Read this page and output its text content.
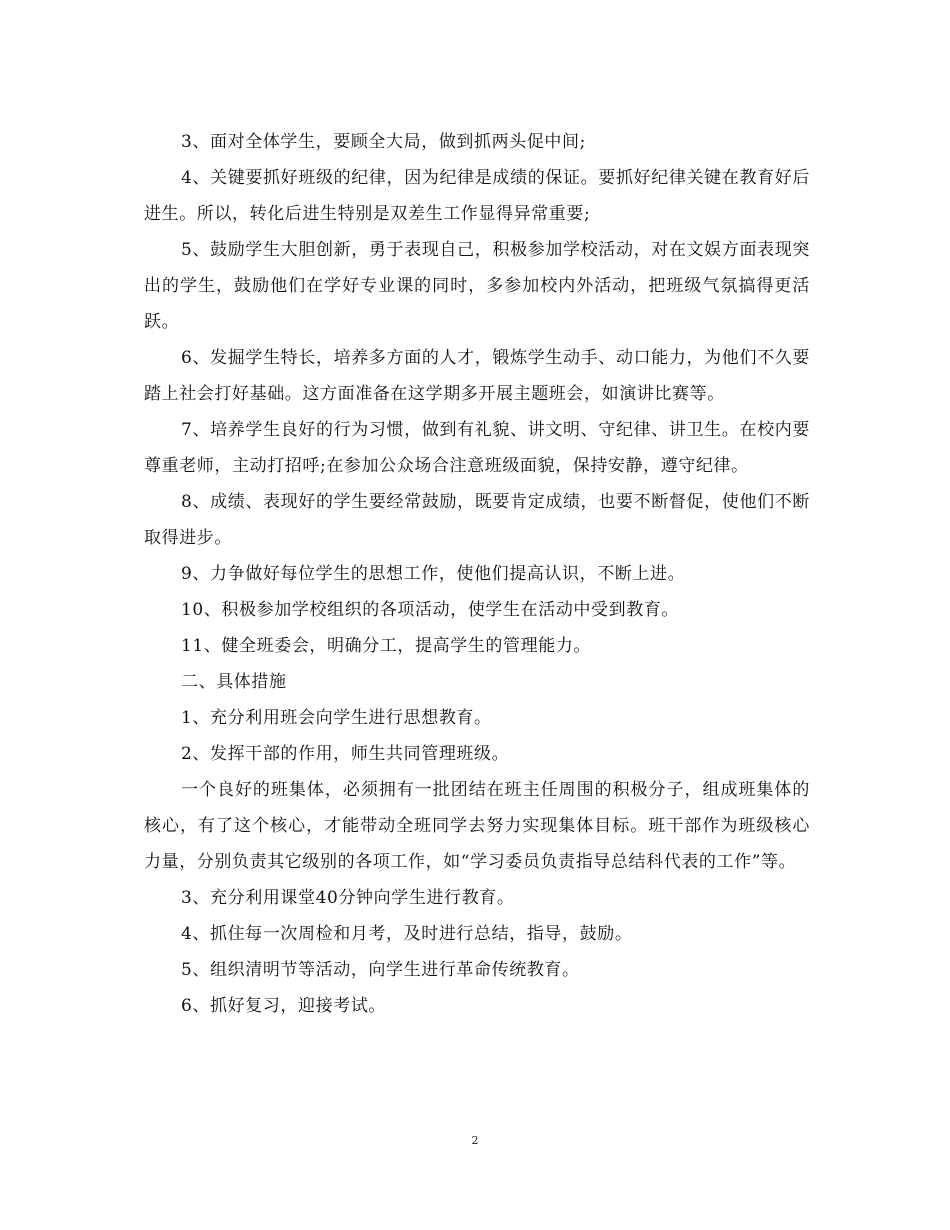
3、面对全体学生，要顾全大局，做到抓两头促中间;

4、关键要抓好班级的纪律，因为纪律是成绩的保证。要抓好纪律关键在教育好后进生。所以，转化后进生特别是双差生工作显得异常重要;

5、鼓励学生大胆创新，勇于表现自己，积极参加学校活动，对在文娱方面表现突出的学生，鼓励他们在学好专业课的同时，多参加校内外活动，把班级气氛搞得更活跃。

6、发掘学生特长，培养多方面的人才，锻炼学生动手、动口能力，为他们不久要踏上社会打好基础。这方面准备在这学期多开展主题班会，如演讲比赛等。

7、培养学生良好的行为习惯，做到有礼貌、讲文明、守纪律、讲卫生。在校内要尊重老师，主动打招呼;在参加公众场合注意班级面貌，保持安静，遵守纪律。

8、成绩、表现好的学生要经常鼓励，既要肯定成绩，也要不断督促，使他们不断取得进步。

9、力争做好每位学生的思想工作，使他们提高认识，不断上进。

10、积极参加学校组织的各项活动，使学生在活动中受到教育。

11、健全班委会，明确分工，提高学生的管理能力。

二、具体措施

1、充分利用班会向学生进行思想教育。

2、发挥干部的作用，师生共同管理班级。

一个良好的班集体，必须拥有一批团结在班主任周围的积极分子，组成班集体的核心，有了这个核心，才能带动全班同学去努力实现集体目标。班干部作为班级核心力量，分别负责其它级别的各项工作，如“学习委员负责指导总结科代表的工作”等。

3、充分利用课堂40分钟向学生进行教育。

4、抓住每一次周检和月考，及时进行总结，指导，鼓励。

5、组织清明节等活动，向学生进行革命传统教育。

6、抓好复习，迎接考试。

2
